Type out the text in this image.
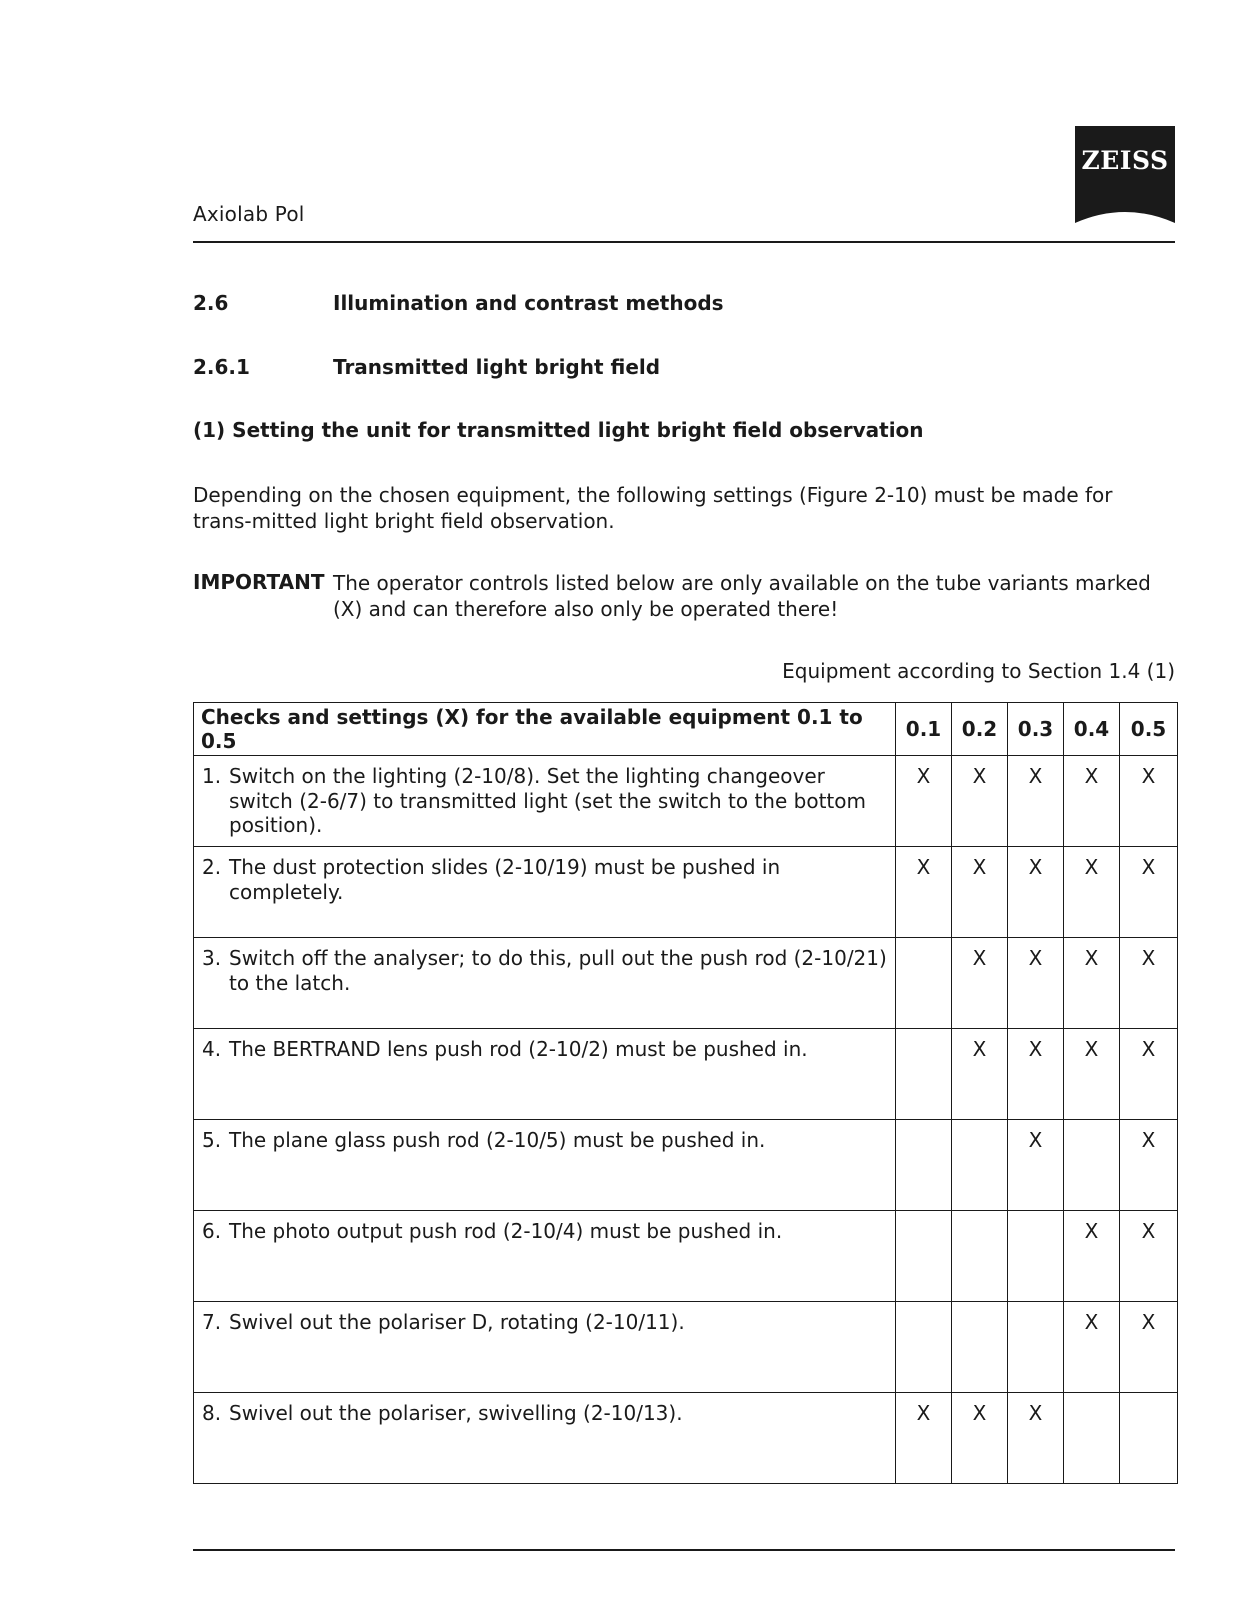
Axiolab Pol
ZEISS
2.6	Illumination and contrast methods
2.6.1	Transmitted light bright field
(1) Setting the unit for transmitted light bright field observation
Depending on the chosen equipment, the following settings (Figure 2-10) must be made for trans-mitted light bright field observation.
IMPORTANT The operator controls listed below are only available on the tube variants marked (X) and can therefore also only be operated there!
Equipment according to Section 1.4 (1)
Checks and settings (X) for the available equipment 0.1 to 0.5	0.1	0.2	0.3	0.4	0.5

1. Switch on the lighting (2-10/8). Set the lighting changeover switch (2-6/7) to transmitted light (set the switch to the bottom position).	X	X	X	X	X

2. The dust protection slides (2-10/19) must be pushed in completely.	X	X	X	X	X

3. Switch off the analyser; to do this, pull out the push rod (2-10/21) to the latch.		X	X	X	X

4. The BERTRAND lens push rod (2-10/2) must be pushed in.		X	X	X	X

5. The plane glass push rod (2-10/5) must be pushed in.			X		X

6. The photo output push rod (2-10/4) must be pushed in.				X	X

7. Swivel out the polariser D, rotating (2-10/11).				X	X

8. Swivel out the polariser, swivelling (2-10/13).	X	X	X		
